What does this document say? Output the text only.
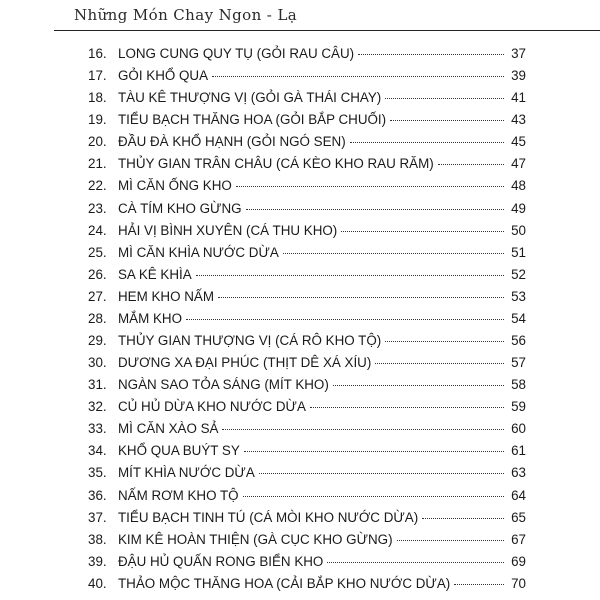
Những Món Chay Ngon - Lạ
16. LONG CUNG QUY TỤ (GỎI RAU CÂU)	37
17. GỎI KHỔ QUA	39
18. TÀU KÊ THƯỢNG VỊ (GỎI GÀ THÁI CHAY)	41
19. TIỂU BẠCH THĂNG HOA (GỎI BẮP CHUỐI)	43
20. ĐẦU ĐÀ KHỔ HẠNH (GỎI NGÓ SEN)	45
21. THỦY GIAN TRÂN CHÂU (CÁ KÈO KHO RAU RĂM)	47
22. MÌ CĂN ỐNG KHO	48
23. CÀ TÍM KHO GỪNG	49
24. HẢI VỊ BÌNH XUYÊN (CÁ THU KHO)	50
25. MÌ CĂN KHÌA NƯỚC DỪA	51
26. SA KÊ KHÌA	52
27. HEM KHO NẤM	53
28. MẮM KHO	54
29. THỦY GIAN THƯỢNG VỊ (CÁ RÔ KHO TỘ)	56
30. DƯƠNG XA ĐẠI PHÚC (THỊT DÊ XÁ XÍU)	57
31. NGÀN SAO TỎA SÁNG (MÍT KHO)	58
32. CỦ HỦ DỪA KHO NƯỚC DỪA	59
33. MÌ CĂN XÀO SẢ	60
34. KHỔ QUA BUÝT SY	61
35. MÍT KHÌA NƯỚC DỪA	63
36. NẤM RƠM KHO TỘ	64
37. TIỂU BẠCH TINH TÚ (CÁ MÒI KHO NƯỚC DỪA)	65
38. KIM KÊ HOÀN THIỆN (GÀ CỤC KHO GỪNG)	67
39. ĐẬU HỦ QUẤN RONG BIỂN KHO	69
40. THẢO MỘC THĂNG HOA (CẢI BẮP KHO NƯỚC DỪA)	70
